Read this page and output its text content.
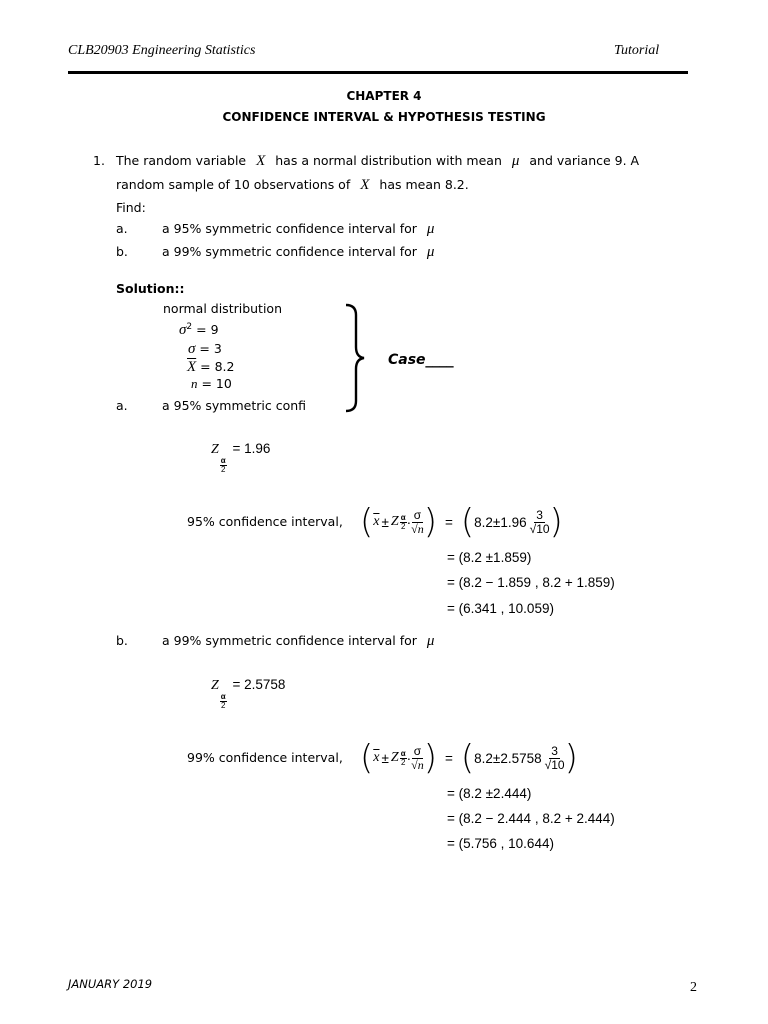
CLB20903 Engineering Statistics	Tutorial
CHAPTER 4
CONFIDENCE INTERVAL & HYPOTHESIS TESTING
1. The random variable X has a normal distribution with mean μ and variance 9. A
random sample of 10 observations of X has mean 8.2.
Find:
a.	a 95% symmetric confidence interval for μ
b.	a 99% symmetric confidence interval for μ
Solution::
normal distribution
$\sigma^2 = 9$
σ = 3
$\overline{X} = 8.2$
n = 10
Case____
a.	a 95% symmetric confi
Z
$\frac{\alpha}{2}$
= 1.96
95% confidence interval, ( $\overline{x} \pm Z \frac{\alpha}{2} \cdot \frac{\sigma}{√n}$ ) = ( $8.2 \pm 1.96 \frac{3}{√10}$ )
= (8.2 ±1.859)
= (8.2 − 1.859 , 8.2 + 1.859)
= (6.341 , 10.059)
b.	a 99% symmetric confidence interval for μ
Z
$\frac{\alpha}{2}$
= 2.5758
99% confidence interval, ( $\overline{x} \pm Z \frac{\alpha}{2} \cdot \frac{\sigma}{√n}$ ) = ( $8.2 \pm 2.5758 \frac{3}{√10}$ )
= (8.2 ±2.444)
= (8.2 − 2.444 , 8.2 + 2.444)
= (5.756 , 10.644)
JANUARY 2019	2
